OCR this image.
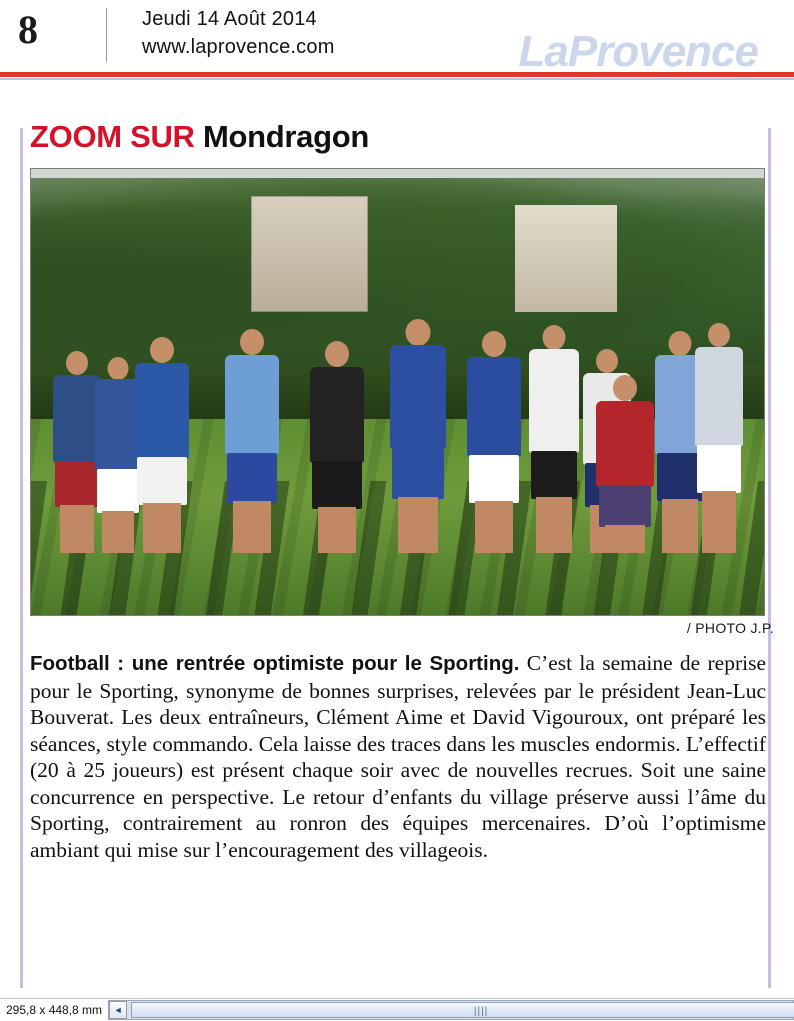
8	Jeudi 14 Août 2014
www.laprovence.com	LaProvence
ZOOM SUR Mondragon
/ PHOTO J.P.

Football : une rentrée optimiste pour le Sporting. C’est la semaine de reprise pour le Sporting, synonyme de bonnes surprises, relevées par le président Jean-Luc Bouverat. Les deux entraîneurs, Clément Aime et David Vigouroux, ont préparé les séances, style commando. Cela laisse des traces dans les muscles endormis. L’effectif (20 à 25 joueurs) est présent chaque soir avec de nouvelles recrues. Soit une saine concurrence en perspective. Le retour d’enfants du village préserve aussi l’âme du Sporting, contrairement au ronron des équipes mercenaires. D’où l’optimisme ambiant qui mise sur l’encouragement des villageois.

295,8 x 448,8 mm	◄	||||
